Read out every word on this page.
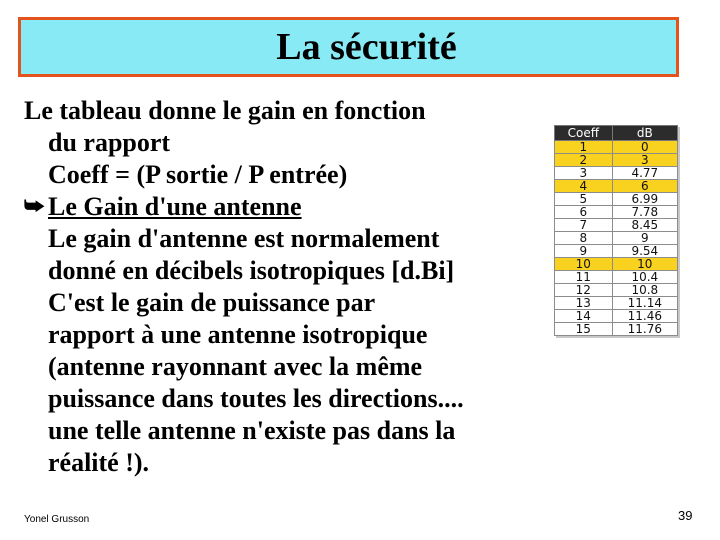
La sécurité
Le tableau donne le gain en fonction
du rapport
Coeff = (P sortie / P entrée)
⮩ Le Gain d'une antenne
Le gain d'antenne est normalement
donné en décibels isotropiques [d.Bi]
C'est le gain de puissance par
rapport à une antenne isotropique
(antenne rayonnant avec la même
puissance dans toutes les directions....
une telle antenne n'existe pas dans la
réalité !).
Coeff	dB
1	0
2	3
3	4.77
4	6
5	6.99
6	7.78
7	8.45
8	9
9	9.54
10	10
11	10.4
12	10.8
13	11.14
14	11.46
15	11.76
Yonel Grusson	39
